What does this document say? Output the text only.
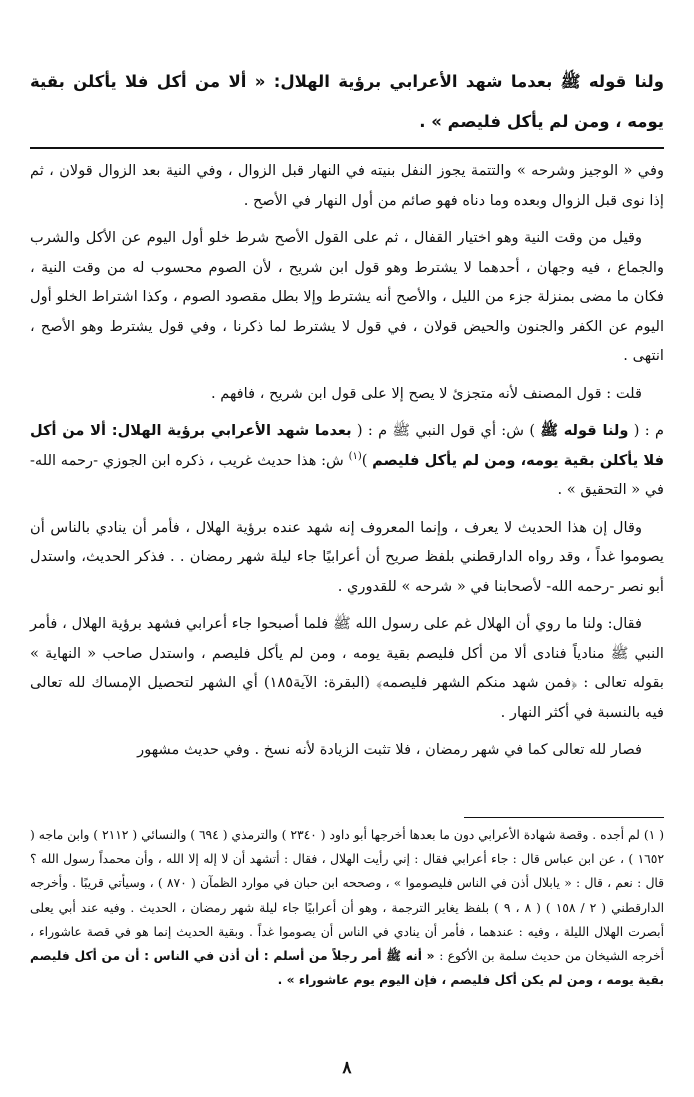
ولنا قوله ﷺ بعدما شهد الأعرابي برؤية الهلال: « ألا من أكل فلا يأكلن بقية يومه ، ومن لم يأكل فليصم » .

وفي « الوجيز وشرحه » والتتمة يجوز النفل بنيته في النهار قبل الزوال ، وفي النية بعد الزوال قولان ، ثم إذا نوى قبل الزوال وبعده وما دناه فهو صائم من أول النهار في الأصح .

وقيل من وقت النية وهو اختيار القفال ، ثم على القول الأصح شرط خلو أول اليوم عن الأكل والشرب والجماع ، فيه وجهان ، أحدهما لا يشترط وهو قول ابن شريح ، لأن الصوم محسوب له من وقت النية ، فكان ما مضى بمنزلة جزء من الليل ، والأصح أنه يشترط وإلا بطل مقصود الصوم ، وكذا اشتراط الخلو أول اليوم عن الكفر والجنون والحيض قولان ، في قول لا يشترط لما ذكرنا ، وفي قول يشترط وهو الأصح ، انتهى .

قلت : قول المصنف لأنه متجزئ لا يصح إلا على قول ابن شريح ، فافهم .

م : ( ولنا قوله ﷺ ) ش: أي قول النبي ﷺ م : ( بعدما شهد الأعرابي برؤية الهلال: ألا من أكل فلا يأكلن بقية يومه، ومن لم يأكل فليصم )$^{(١)}$ ش: هذا حديث غريب ، ذكره ابن الجوزي -رحمه الله- في « التحقيق » .

وقال إن هذا الحديث لا يعرف ، وإنما المعروف إنه شهد عنده برؤية الهلال ، فأمر أن ينادي بالناس أن يصوموا غداً ، وقد رواه الدارقطني بلفظ صريح أن أعرابيًا جاء ليلة شهر رمضان . . فذكر الحديث، واستدل أبو نصر -رحمه الله- لأصحابنا في « شرحه » للقدوري .

فقال: ولنا ما روي أن الهلال غم على رسول الله ﷺ فلما أصبحوا جاء أعرابي فشهد برؤية الهلال ، فأمر النبي ﷺ منادياً فنادى ألا من أكل فليصم بقية يومه ، ومن لم يأكل فليصم ، واستدل صاحب « النهاية » بقوله تعالى : ﴿فمن شهد منكم الشهر فليصمه﴾ (البقرة: الآية١٨٥) أي الشهر لتحصيل الإمساك لله تعالى فيه بالنسبة في أكثر النهار .

فصار لله تعالى كما في شهر رمضان ، فلا تثبت الزيادة لأنه نسخ . وفي حديث مشهور

( ١) لم أجده . وقصة شهادة الأعرابي دون ما بعدها أخرجها أبو داود ( ٢٣٤٠ ) والترمذي ( ٦٩٤ ) والنسائي ( ٢١١٢ ) وابن ماجه ( ١٦٥٢ ) ، عن ابن عباس قال : جاء أعرابي فقال : إني رأيت الهلال ، فقال : أتشهد أن لا إله إلا الله ، وأن محمداً رسول الله ؟ قال : نعم ، قال : « يابلال أذن في الناس فليصوموا » ، وصححه ابن حبان في موارد الظمآن ( ٨٧٠ ) ، وسيأتي قريبًا . وأخرجه الدارقطني ( ٢ / ١٥٨ ) ( ٨ ، ٩ ) بلفظ يغاير الترجمة ، وهو أن أعرابيًا جاء ليلة شهر رمضان ، الحديث . وفيه عند أبي يعلى أبصرت الهلال الليلة ، وفيه : عندهما ، فأمر أن ينادي في الناس أن يصوموا غداً . وبقية الحديث إنما هو في قصة عاشوراء ، أخرجه الشيخان من حديث سلمة بن الأكوع : « أنه ﷺ أمر رجلاً من أسلم : أن أذن في الناس : أن من أكل فليصم بقية يومه ، ومن لم يكن أكل فليصم ، فإن اليوم يوم عاشوراء » .

٨
